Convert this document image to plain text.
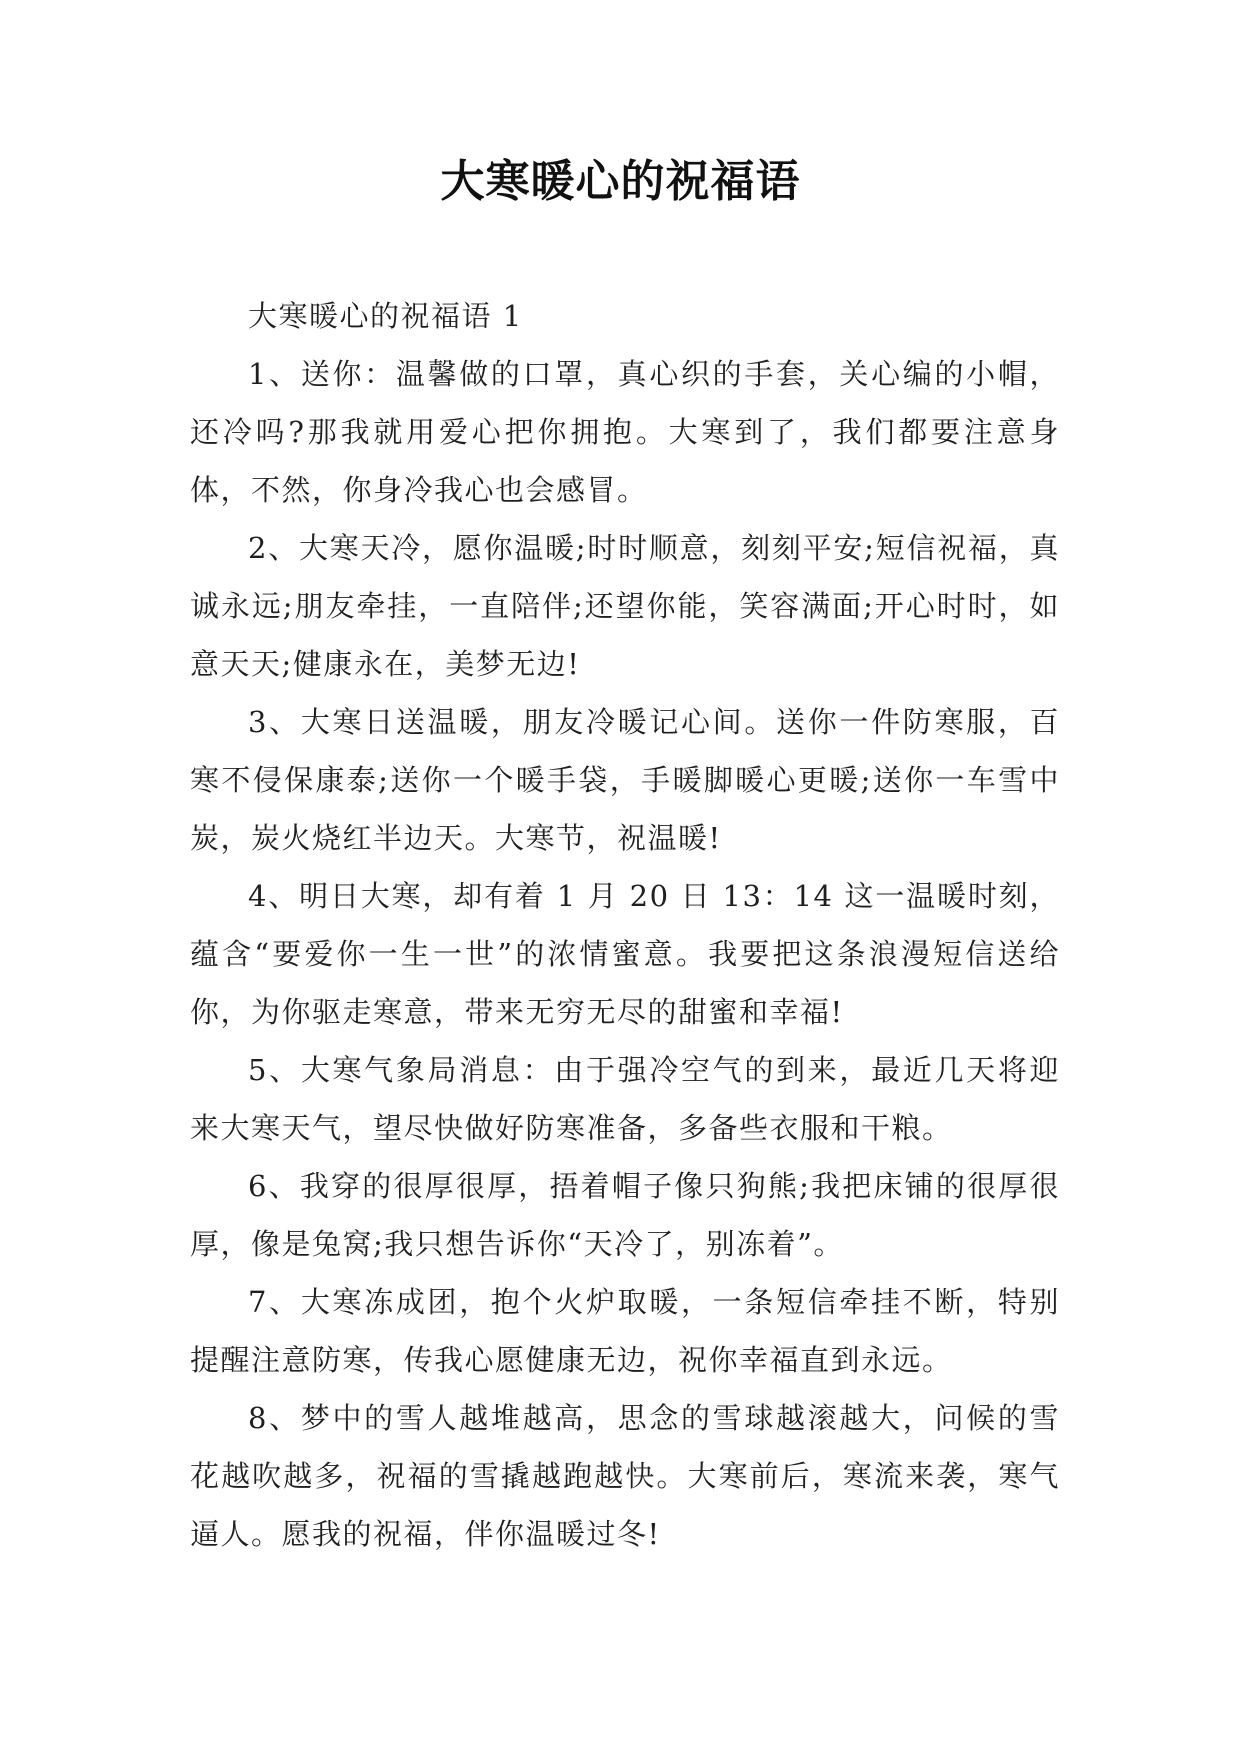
大寒暖心的祝福语

大寒暖心的祝福语 1

1、送你：温馨做的口罩，真心织的手套，关心编的小帽，还冷吗?那我就用爱心把你拥抱。大寒到了，我们都要注意身体，不然，你身冷我心也会感冒。

2、大寒天冷，愿你温暖;时时顺意，刻刻平安;短信祝福，真诚永远;朋友牵挂，一直陪伴;还望你能，笑容满面;开心时时，如意天天;健康永在，美梦无边!

3、大寒日送温暖，朋友冷暖记心间。送你一件防寒服，百寒不侵保康泰;送你一个暖手袋，手暖脚暖心更暖;送你一车雪中炭，炭火烧红半边天。大寒节，祝温暖!

4、明日大寒，却有着 1 月 20 日 13：14 这一温暖时刻，蕴含“要爱你一生一世”的浓情蜜意。我要把这条浪漫短信送给你，为你驱走寒意，带来无穷无尽的甜蜜和幸福!

5、大寒气象局消息：由于强冷空气的到来，最近几天将迎来大寒天气，望尽快做好防寒准备，多备些衣服和干粮。

6、我穿的很厚很厚，捂着帽子像只狗熊;我把床铺的很厚很厚，像是兔窝;我只想告诉你“天冷了，别冻着”。

7、大寒冻成团，抱个火炉取暖，一条短信牵挂不断，特别提醒注意防寒，传我心愿健康无边，祝你幸福直到永远。

8、梦中的雪人越堆越高，思念的雪球越滚越大，问候的雪花越吹越多，祝福的雪撬越跑越快。大寒前后，寒流来袭，寒气逼人。愿我的祝福，伴你温暖过冬!
